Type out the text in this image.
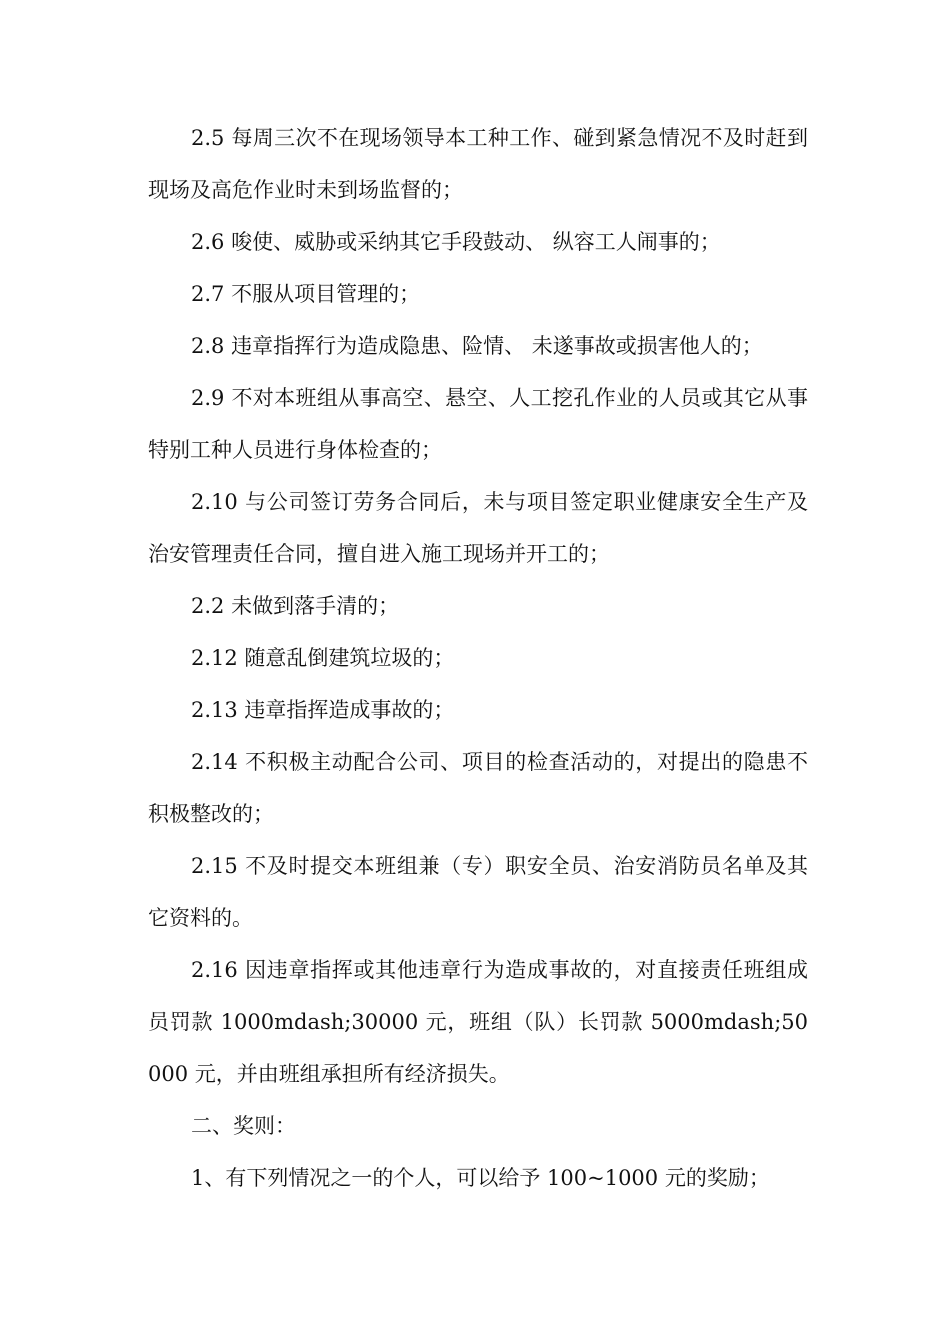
2.5 每周三次不在现场领导本工种工作、碰到紧急情况不及时赶到现场及高危作业时未到场监督的；

2.6 唆使、威胁或采纳其它手段鼓动、 纵容工人闹事的；

2.7 不服从项目管理的；

2.8 违章指挥行为造成隐患、险情、 未遂事故或损害他人的；

2.9 不对本班组从事高空、悬空、人工挖孔作业的人员或其它从事特别工种人员进行身体检查的；

2.10 与公司签订劳务合同后，未与项目签定职业健康安全生产及治安管理责任合同，擅自进入施工现场并开工的；

2.2 未做到落手清的；

2.12 随意乱倒建筑垃圾的；

2.13 违章指挥造成事故的；

2.14 不积极主动配合公司、项目的检查活动的，对提出的隐患不积极整改的；

2.15 不及时提交本班组兼（专）职安全员、治安消防员名单及其它资料的。

2.16 因违章指挥或其他违章行为造成事故的，对直接责任班组成员罚款 1000mdash;30000 元，班组（队）长罚款 5000mdash;50000 元，并由班组承担所有经济损失。

二、奖则：

1、有下列情况之一的个人，可以给予 100~1000 元的奖励；
